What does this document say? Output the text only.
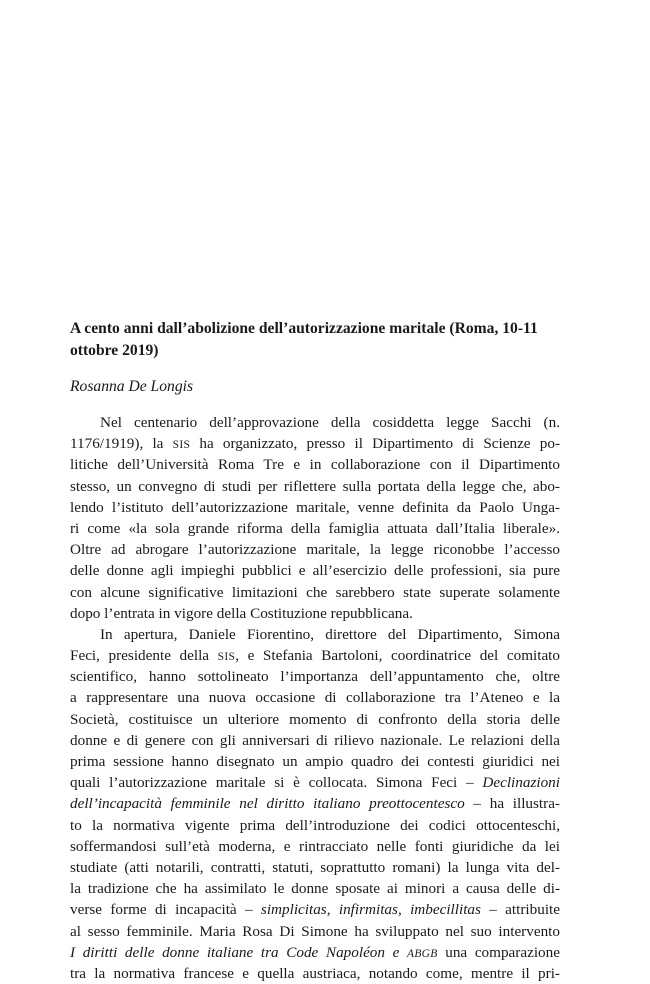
A cento anni dall’abolizione dell’autorizzazione maritale (Roma, 10-11 ottobre 2019)

Rosanna De Longis

Nel centenario dell’approvazione della cosiddetta legge Sacchi (n.
1176/1919), la SIS ha organizzato, presso il Dipartimento di Scienze po-
litiche dell’Università Roma Tre e in collaborazione con il Dipartimento
stesso, un convegno di studi per riflettere sulla portata della legge che, abo-
lendo l’istituto dell’autorizzazione maritale, venne definita da Paolo Unga-
ri come «la sola grande riforma della famiglia attuata dall’Italia liberale».
Oltre ad abrogare l’autorizzazione maritale, la legge riconobbe l’accesso
delle donne agli impieghi pubblici e all’esercizio delle professioni, sia pure
con alcune significative limitazioni che sarebbero state superate solamente
dopo l’entrata in vigore della Costituzione repubblicana.
In apertura, Daniele Fiorentino, direttore del Dipartimento, Simona
Feci, presidente della SIS, e Stefania Bartoloni, coordinatrice del comitato
scientifico, hanno sottolineato l’importanza dell’appuntamento che, oltre
a rappresentare una nuova occasione di collaborazione tra l’Ateneo e la
Società, costituisce un ulteriore momento di confronto della storia delle
donne e di genere con gli anniversari di rilievo nazionale. Le relazioni della
prima sessione hanno disegnato un ampio quadro dei contesti giuridici nei
quali l’autorizzazione maritale si è collocata. Simona Feci – Declinazioni
dell’incapacità femminile nel diritto italiano preottocentesco – ha illustra-
to la normativa vigente prima dell’introduzione dei codici ottocenteschi,
soffermandosi sull’età moderna, e rintracciato nelle fonti giuridiche da lei
studiate (atti notarili, contratti, statuti, soprattutto romani) la lunga vita del-
la tradizione che ha assimilato le donne sposate ai minori a causa delle di-
verse forme di incapacità – simplicitas, infirmitas, imbecillitas – attribuite
al sesso femminile. Maria Rosa Di Simone ha sviluppato nel suo intervento
I diritti delle donne italiane tra Code Napoléon e ABGB una comparazione
tra la normativa francese e quella austriaca, notando come, mentre il pri-
